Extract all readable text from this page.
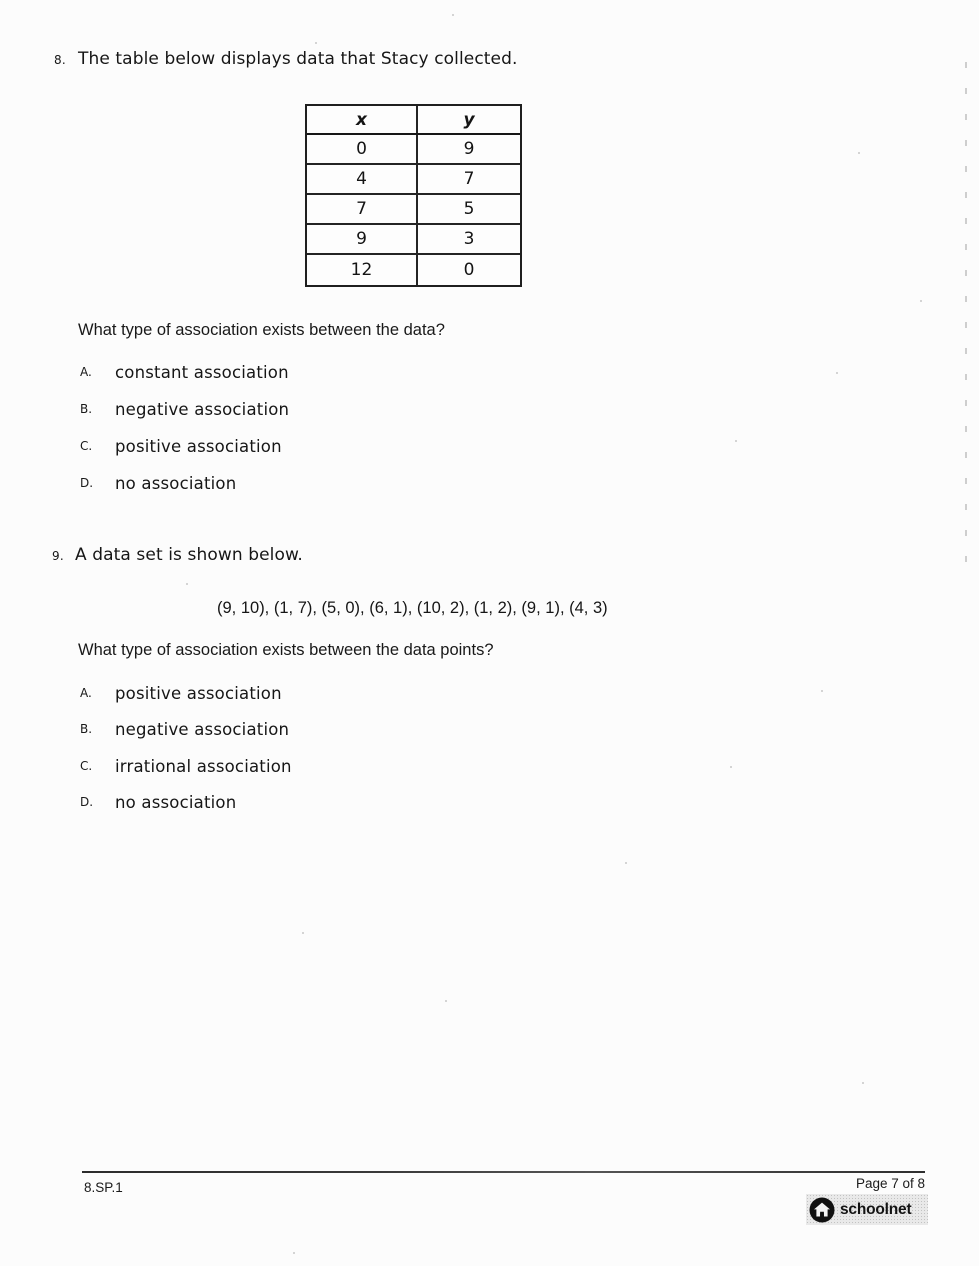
8. The table below displays data that Stacy collected.
x	y
0	9
4	7
7	5
9	3
12	0
What type of association exists between the data?
A.	constant association
B.	negative association
C.	positive association
D.	no association
9. A data set is shown below.
(9, 10), (1, 7), (5, 0), (6, 1), (10, 2), (1, 2), (9, 1), (4, 3)
What type of association exists between the data points?
A.	positive association
B.	negative association
C.	irrational association
D.	no association
8.SP.1	Page 7 of 8
schoolnet
